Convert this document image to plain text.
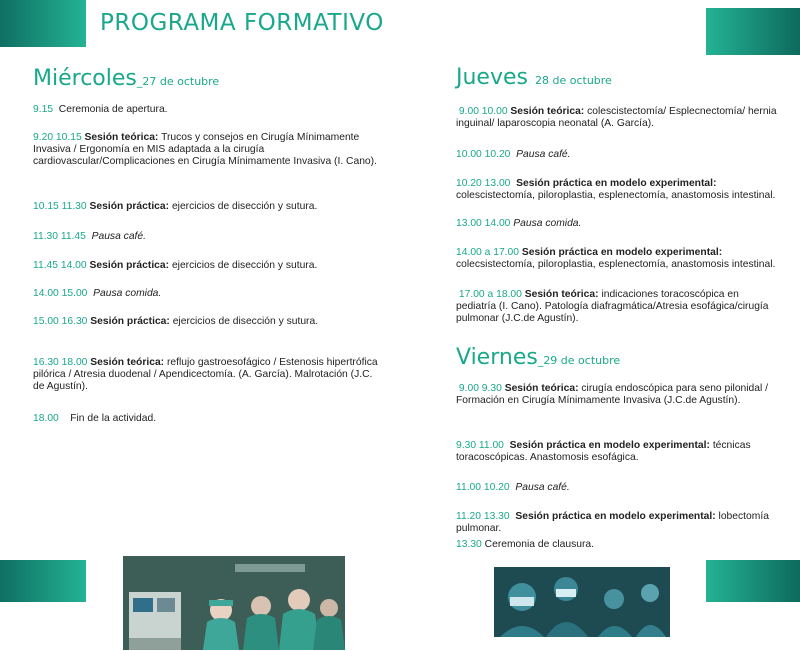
PROGRAMA FORMATIVO
Miércoles_27 de octubre

9.15 Ceremonia de apertura.

9.20 10.15 Sesión teórica: Trucos y consejos en Cirugía Mínimamente Invasiva / Ergonomía en MIS adaptada a la cirugía cardiovascular/Complicaciones en Cirugía Mínimamente Invasiva (I. Cano).

10.15 11.30 Sesión práctica: ejercicios de disección y sutura.

11.30 11.45 Pausa café.

11.45 14.00 Sesión práctica: ejercicios de disección y sutura.

14.00 15.00 Pausa comida.

15.00 16.30 Sesión práctica: ejercicios de disección y sutura.

16.30 18.00 Sesión teórica: reflujo gastroesofágico / Estenosis hipertrófica pilórica / Atresia duodenal / Apendicectomía. (A. García). Malrotación (J.C. de Agustín).

18.00 Fin de la actividad.

Jueves 28 de octubre

9.00 10.00 Sesión teórica: colescistectomía/ Esplecnectomía/ hernia inguinal/ laparoscopia neonatal (A. García).

10.00 10.20 Pausa café.

10.20 13.00 Sesión práctica en modelo experimental: colescistectomía, piloroplastia, esplenectomía, anastomosis intestinal.

13.00 14.00 Pausa comida.

14.00 a 17.00 Sesión práctica en modelo experimental: colecsistectomía, piloroplastia, esplenectomía, anastomosis intestinal.

17.00 a 18.00 Sesión teórica: indicaciones toracoscópica en pediatría (I. Cano). Patología diafragmática/Atresia esofágica/cirugía pulmonar (J.C.de Agustín).

Viernes_29 de octubre

9.00 9.30 Sesión teórica: cirugía endoscópica para seno pilonidal / Formación en Cirugía Mínimamente Invasiva (J.C.de Agustín).

9.30 11.00 Sesión práctica en modelo experimental: técnicas toracoscópicas. Anastomosis esofágica.

11.00 10.20 Pausa café.

11.20 13.30 Sesión práctica en modelo experimental: lobectomía pulmonar.

13.30 Ceremonia de clausura.
